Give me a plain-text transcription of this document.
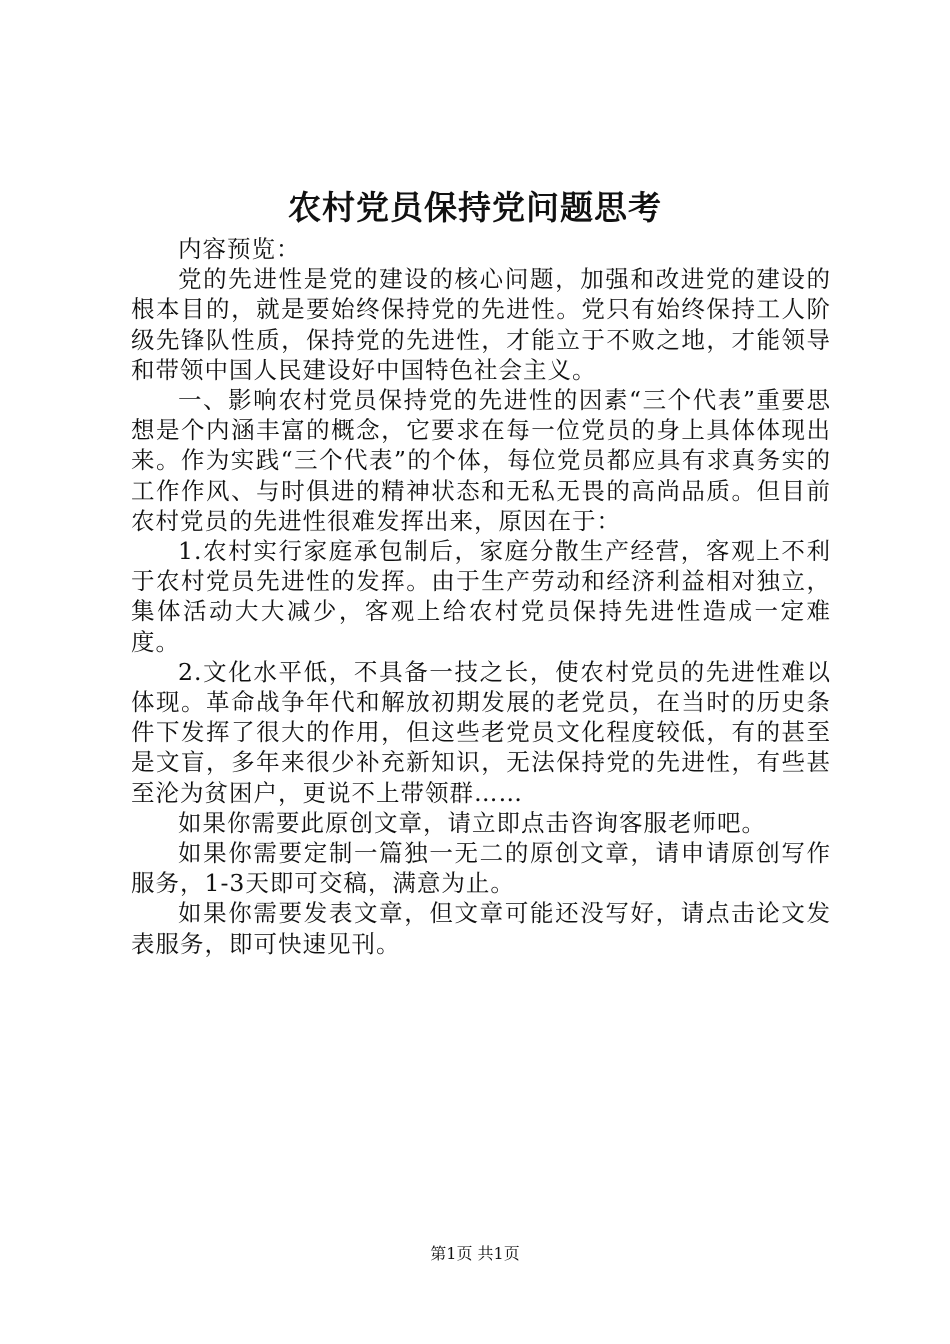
农村党员保持党问题思考

内容预览：

党的先进性是党的建设的核心问题，加强和改进党的建设的根本目的，就是要始终保持党的先进性。党只有始终保持工人阶级先锋队性质，保持党的先进性，才能立于不败之地，才能领导和带领中国人民建设好中国特色社会主义。

一、影响农村党员保持党的先进性的因素“三个代表”重要思想是个内涵丰富的概念，它要求在每一位党员的身上具体体现出来。作为实践“三个代表”的个体，每位党员都应具有求真务实的工作作风、与时俱进的精神状态和无私无畏的高尚品质。但目前农村党员的先进性很难发挥出来，原因在于：

1.农村实行家庭承包制后，家庭分散生产经营，客观上不利于农村党员先进性的发挥。由于生产劳动和经济利益相对独立，集体活动大大减少，客观上给农村党员保持先进性造成一定难度。

2.文化水平低，不具备一技之长，使农村党员的先进性难以体现。革命战争年代和解放初期发展的老党员，在当时的历史条件下发挥了很大的作用，但这些老党员文化程度较低，有的甚至是文盲，多年来很少补充新知识，无法保持党的先进性，有些甚至沦为贫困户，更说不上带领群……

如果你需要此原创文章，请立即点击咨询客服老师吧。

如果你需要定制一篇独一无二的原创文章，请申请原创写作服务，1-3天即可交稿，满意为止。

如果你需要发表文章，但文章可能还没写好，请点击论文发表服务，即可快速见刊。

第1页 共1页
